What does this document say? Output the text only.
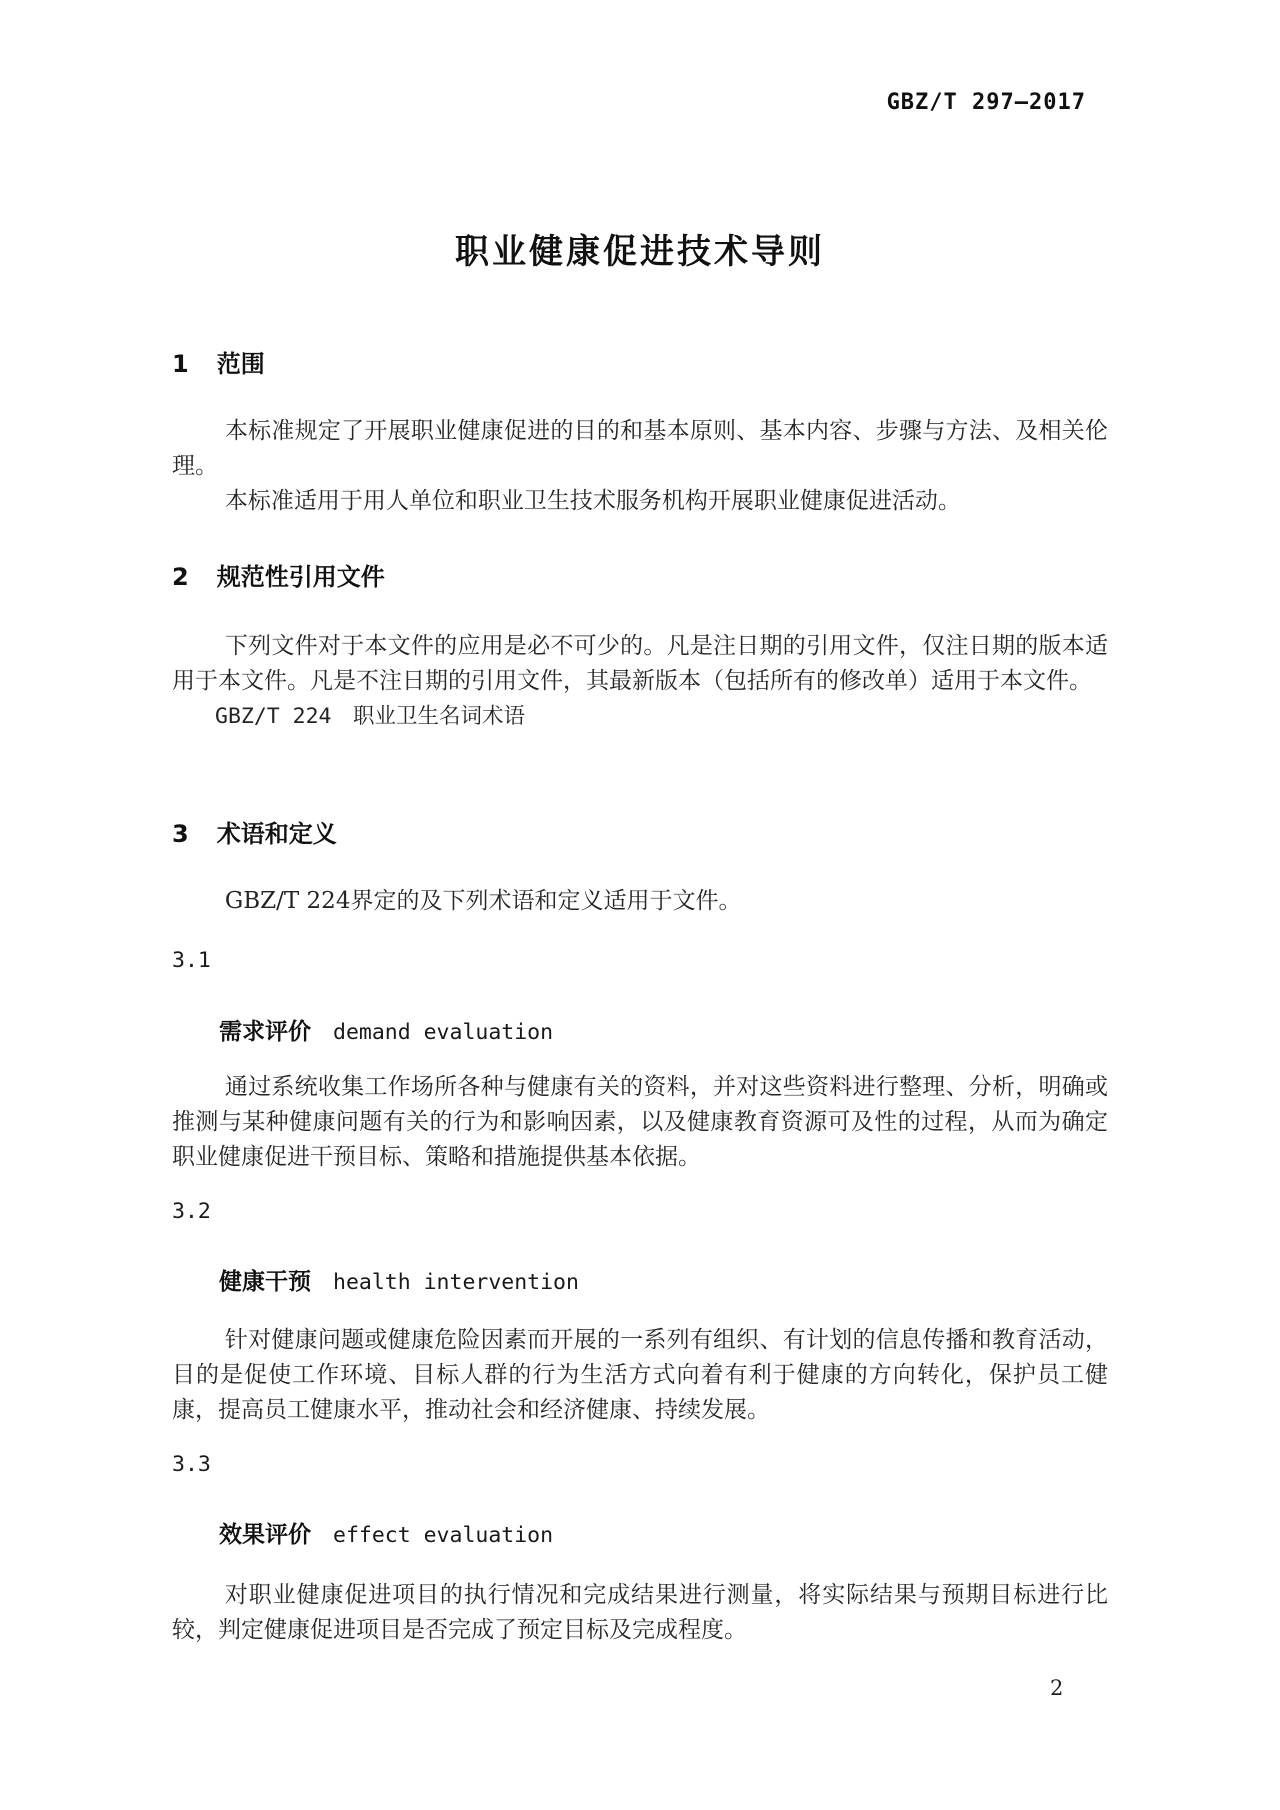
GBZ/T 297—2017
职业健康促进技术导则
1 范围

本标准规定了开展职业健康促进的目的和基本原则、基本内容、步骤与方法、及相关伦理。

本标准适用于用人单位和职业卫生技术服务机构开展职业健康促进活动。

2 规范性引用文件

下列文件对于本文件的应用是必不可少的。凡是注日期的引用文件，仅注日期的版本适用于本文件。凡是不注日期的引用文件，其最新版本（包括所有的修改单）适用于本文件。

GBZ/T 224　职业卫生名词术语

3 术语和定义

GBZ/T 224界定的及下列术语和定义适用于文件。

3.1
需求评价 demand evaluation

通过系统收集工作场所各种与健康有关的资料，并对这些资料进行整理、分析，明确或推测与某种健康问题有关的行为和影响因素，以及健康教育资源可及性的过程，从而为确定职业健康促进干预目标、策略和措施提供基本依据。

3.2
健康干预 health intervention

针对健康问题或健康危险因素而开展的一系列有组织、有计划的信息传播和教育活动，目的是促使工作环境、目标人群的行为生活方式向着有利于健康的方向转化，保护员工健康，提高员工健康水平，推动社会和经济健康、持续发展。

3.3
效果评价 effect evaluation

对职业健康促进项目的执行情况和完成结果进行测量，将实际结果与预期目标进行比较，判定健康促进项目是否完成了预定目标及完成程度。

2
